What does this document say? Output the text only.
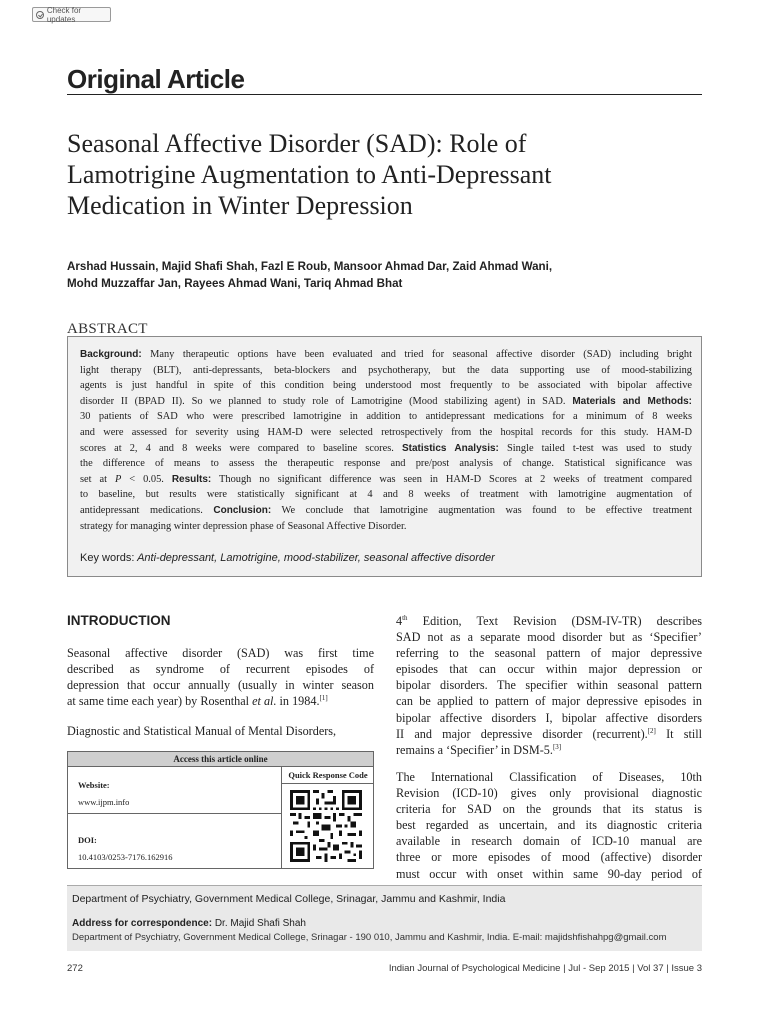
Check for updates
Original Article
Seasonal Affective Disorder (SAD): Role of
Lamotrigine Augmentation to Anti-Depressant
Medication in Winter Depression
Arshad Hussain, Majid Shafi Shah, Fazl E Roub, Mansoor Ahmad Dar, Zaid Ahmad Wani,
Mohd Muzzaffar Jan, Rayees Ahmad Wani, Tariq Ahmad Bhat
ABSTRACT
Background: Many therapeutic options have been evaluated and tried for seasonal affective disorder (SAD) including bright
light therapy (BLT), anti-depressants, beta-blockers and psychotherapy, but the data supporting use of mood-stabilizing
agents is just handful in spite of this condition being understood most frequently to be associated with bipolar affective
disorder II (BPAD II). So we planned to study role of Lamotrigine (Mood stabilizing agent) in SAD. Materials and Methods:
30 patients of SAD who were prescribed lamotrigine in addition to antidepressant medications for a minimum of 8 weeks
and were assessed for severity using HAM-D were selected retrospectively from the hospital records for this study. HAM-D
scores at 2, 4 and 8 weeks were compared to baseline scores. Statistics Analysis: Single tailed t-test was used to study
the difference of means to assess the therapeutic response and pre/post analysis of change. Statistical significance was
set at P < 0.05. Results: Though no significant difference was seen in HAM-D Scores at 2 weeks of treatment compared
to baseline, but results were statistically significant at 4 and 8 weeks of treatment with lamotrigine augmentation of
antidepressant medications. Conclusion: We conclude that lamotrigine augmentation was found to be effective treatment
strategy for managing winter depression phase of Seasonal Affective Disorder.
Key words: Anti-depressant, Lamotrigine, mood-stabilizer, seasonal affective disorder
INTRODUCTION
Seasonal affective disorder (SAD) was first time
described as syndrome of recurrent episodes of
depression that occur annually (usually in winter season
at same time each year) by Rosenthal et al. in 1984.[1]
Diagnostic and Statistical Manual of Mental Disorders,
Access this article online
Quick Response Code
Website:
www.ijpm.info
DOI:
10.4103/0253-7176.162916
4th Edition, Text Revision (DSM-IV-TR) describes
SAD not as a separate mood disorder but as ‘Specifier’
referring to the seasonal pattern of major depressive
episodes that can occur within major depression or
bipolar disorders. The specifier within seasonal pattern
can be applied to pattern of major depressive episodes in
bipolar affective disorders I, bipolar affective disorders
II and major depressive disorder (recurrent).[2] It still
remains a ‘Specifier’ in DSM-5.[3]
The International Classification of Diseases, 10th
Revision (ICD-10) gives only provisional diagnostic
criteria for SAD on the grounds that its status is
best regarded as uncertain, and its diagnostic criteria
available in research domain of ICD-10 manual are
three or more episodes of mood (affective) disorder
must occur with onset within same 90-day period of
Department of Psychiatry, Government Medical College, Srinagar, Jammu and Kashmir, India
Address for correspondence: Dr. Majid Shafi Shah
Department of Psychiatry, Government Medical College, Srinagar - 190 010, Jammu and Kashmir, India. E-mail: majidshfishahpg@gmail.com
272	Indian Journal of Psychological Medicine | Jul - Sep 2015 | Vol 37 | Issue 3
